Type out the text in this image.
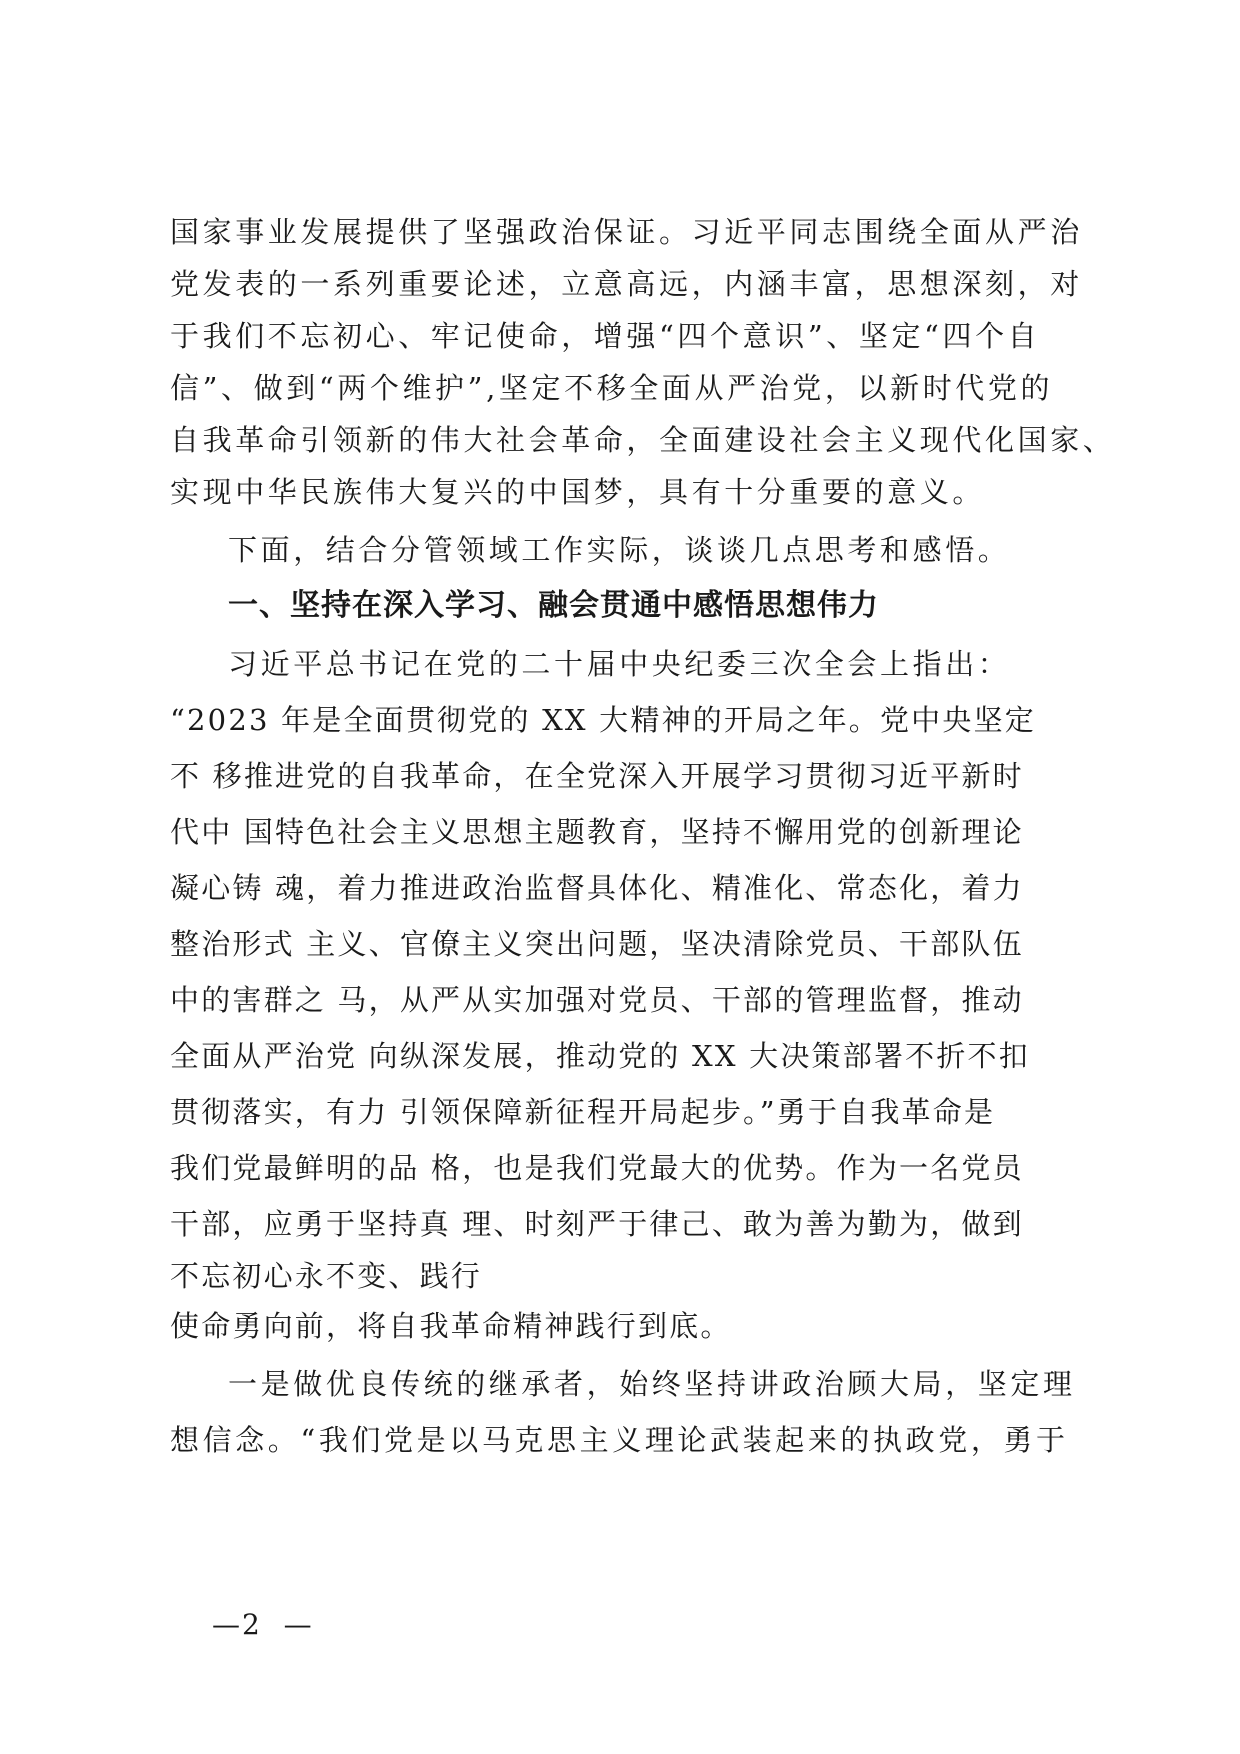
国家事业发展提供了坚强政治保证。习近平同志围绕全面从严治
党发表的一系列重要论述，立意高远，内涵丰富，思想深刻，对
于我们不忘初心、牢记使命，增强“四个意识”、坚定“四个自
信”、做到“两个维护”,坚定不移全面从严治党，以新时代党的
自我革命引领新的伟大社会革命，全面建设社会主义现代化国家、
实现中华民族伟大复兴的中国梦，具有十分重要的意义。
下面，结合分管领域工作实际，谈谈几点思考和感悟。
一、坚持在深入学习、融会贯通中感悟思想伟力
习近平总书记在党的二十届中央纪委三次全会上指出：
“2023 年是全面贯彻党的 XX 大精神的开局之年。党中央坚定
不 移推进党的自我革命，在全党深入开展学习贯彻习近平新时
代中 国特色社会主义思想主题教育，坚持不懈用党的创新理论
凝心铸 魂，着力推进政治监督具体化、精准化、常态化，着力
整治形式 主义、官僚主义突出问题，坚决清除党员、干部队伍
中的害群之 马，从严从实加强对党员、干部的管理监督，推动
全面从严治党 向纵深发展，推动党的 XX 大决策部署不折不扣
贯彻落实，有力 引领保障新征程开局起步。”勇于自我革命是
我们党最鲜明的品 格，也是我们党最大的优势。作为一名党员
干部，应勇于坚持真 理、时刻严于律己、敢为善为勤为，做到
不忘初心永不变、践行
使命勇向前，将自我革命精神践行到底。
一是做优良传统的继承者，始终坚持讲政治顾大局，坚定理
想信念。“我们党是以马克思主义理论武装起来的执政党，勇于
—2  —
